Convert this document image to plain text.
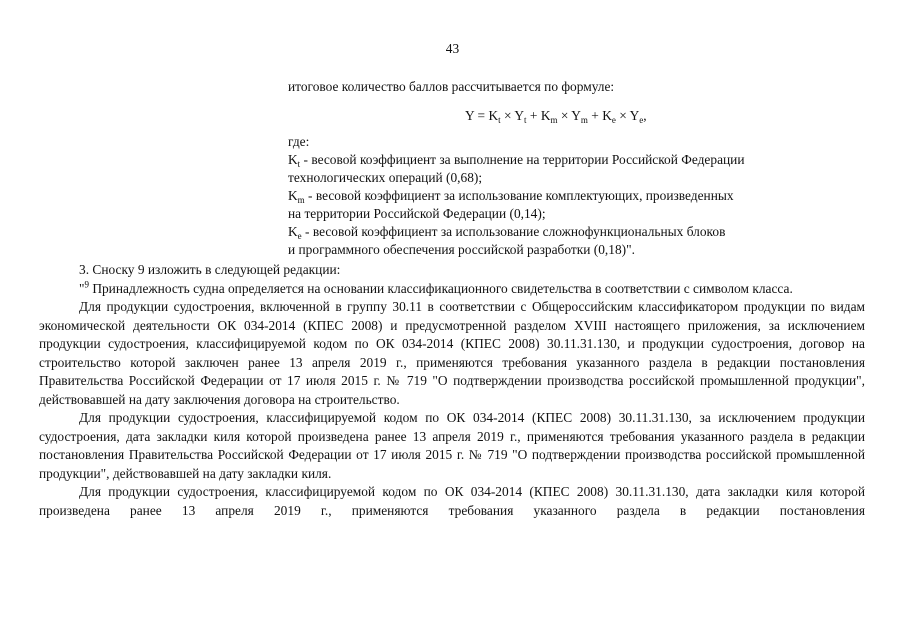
43
итоговое количество баллов рассчитывается по формуле:
$Y = K_t \times Y_t + K_m \times Y_m + K_e \times Y_e$,
где:
$K_t$ - весовой коэффициент за выполнение на территории Российской Федерации
технологических операций (0,68);
$K_m$ - весовой коэффициент за использование комплектующих, произведенных
на территории Российской Федерации (0,14);
$K_e$ - весовой коэффициент за использование сложнофункциональных блоков
и программного обеспечения российской разработки (0,18)".

3. Сноску 9 изложить в следующей редакции:

"$^9$ Принадлежность судна определяется на основании классификационного свидетельства в соответствии с символом класса.

Для продукции судостроения, включенной в группу 30.11 в соответствии с Общероссийским классификатором продукции по видам экономической деятельности ОК 034-2014 (КПЕС 2008) и предусмотренной разделом XVIII настоящего приложения, за исключением продукции судостроения, классифицируемой кодом по ОК 034-2014 (КПЕС 2008) 30.11.31.130, и продукции судостроения, договор на строительство которой заключен ранее 13 апреля 2019 г., применяются требования указанного раздела в редакции постановления Правительства Российской Федерации от 17 июля 2015 г. № 719 "О подтверждении производства российской промышленной продукции", действовавшей на дату заключения договора на строительство.

Для продукции судостроения, классифицируемой кодом по ОК 034-2014 (КПЕС 2008) 30.11.31.130, за исключением продукции судостроения, дата закладки киля которой произведена ранее 13 апреля 2019 г., применяются требования указанного раздела в редакции постановления Правительства Российской Федерации от 17 июля 2015 г. № 719 "О подтверждении производства российской промышленной продукции", действовавшей на дату закладки киля.

Для продукции судостроения, классифицируемой кодом по ОК 034-2014 (КПЕС 2008) 30.11.31.130, дата закладки киля которой произведена ранее 13 апреля 2019 г., применяются требования указанного раздела в редакции постановления
